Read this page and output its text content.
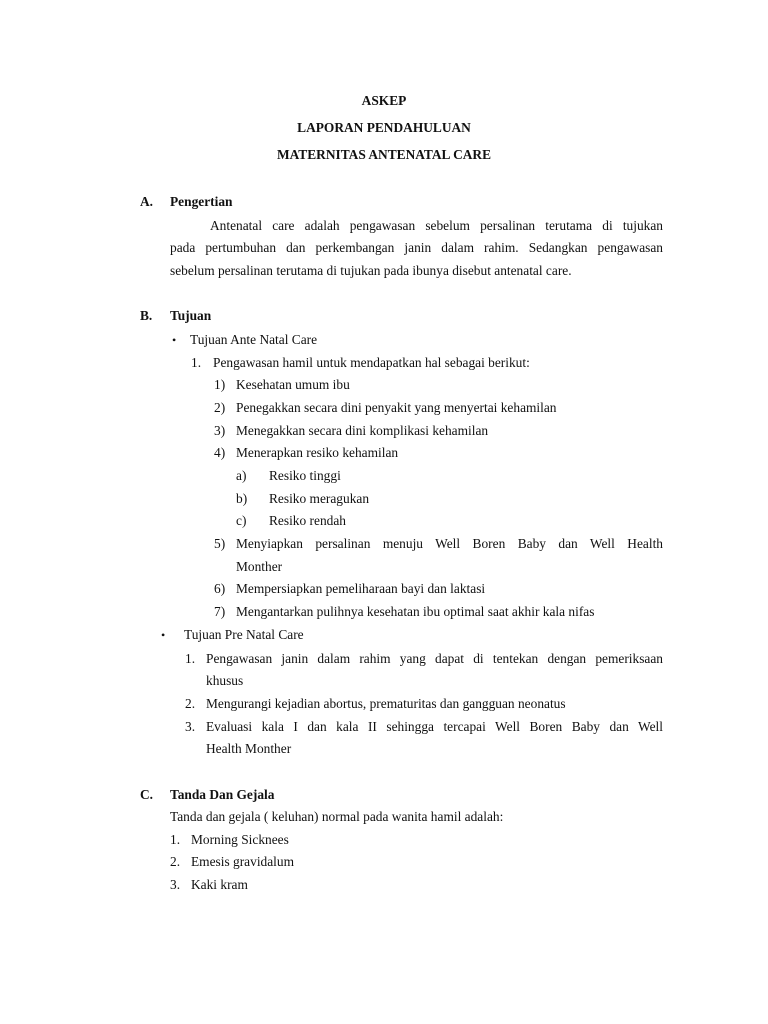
ASKEP
LAPORAN PENDAHULUAN
MATERNITAS ANTENATAL CARE
A. Pengertian
Antenatal care adalah pengawasan sebelum persalinan terutama di tujukan
pada pertumbuhan dan perkembangan janin dalam rahim. Sedangkan pengawasan
sebelum persalinan terutama di tujukan pada ibunya disebut antenatal care.
B. Tujuan
• Tujuan Ante Natal Care
1. Pengawasan hamil untuk mendapatkan hal sebagai berikut:
1) Kesehatan umum ibu
2) Penegakkan secara dini penyakit yang menyertai kehamilan
3) Menegakkan secara dini komplikasi kehamilan
4) Menerapkan resiko kehamilan
a) Resiko tinggi
b) Resiko meragukan
c) Resiko rendah
5) Menyiapkan persalinan menuju Well Boren Baby dan Well Health
Monther
6) Mempersiapkan pemeliharaan bayi dan laktasi
7) Mengantarkan pulihnya kesehatan ibu optimal saat akhir kala nifas
• Tujuan Pre Natal Care
1. Pengawasan janin dalam rahim yang dapat di tentekan dengan pemeriksaan
khusus
2. Mengurangi kejadian abortus, prematuritas dan gangguan neonatus
3. Evaluasi kala I dan kala II sehingga tercapai Well Boren Baby dan Well
Health Monther
C. Tanda Dan Gejala
Tanda dan gejala ( keluhan) normal pada wanita hamil adalah:
1. Morning Sicknees
2. Emesis gravidalum
3. Kaki kram
